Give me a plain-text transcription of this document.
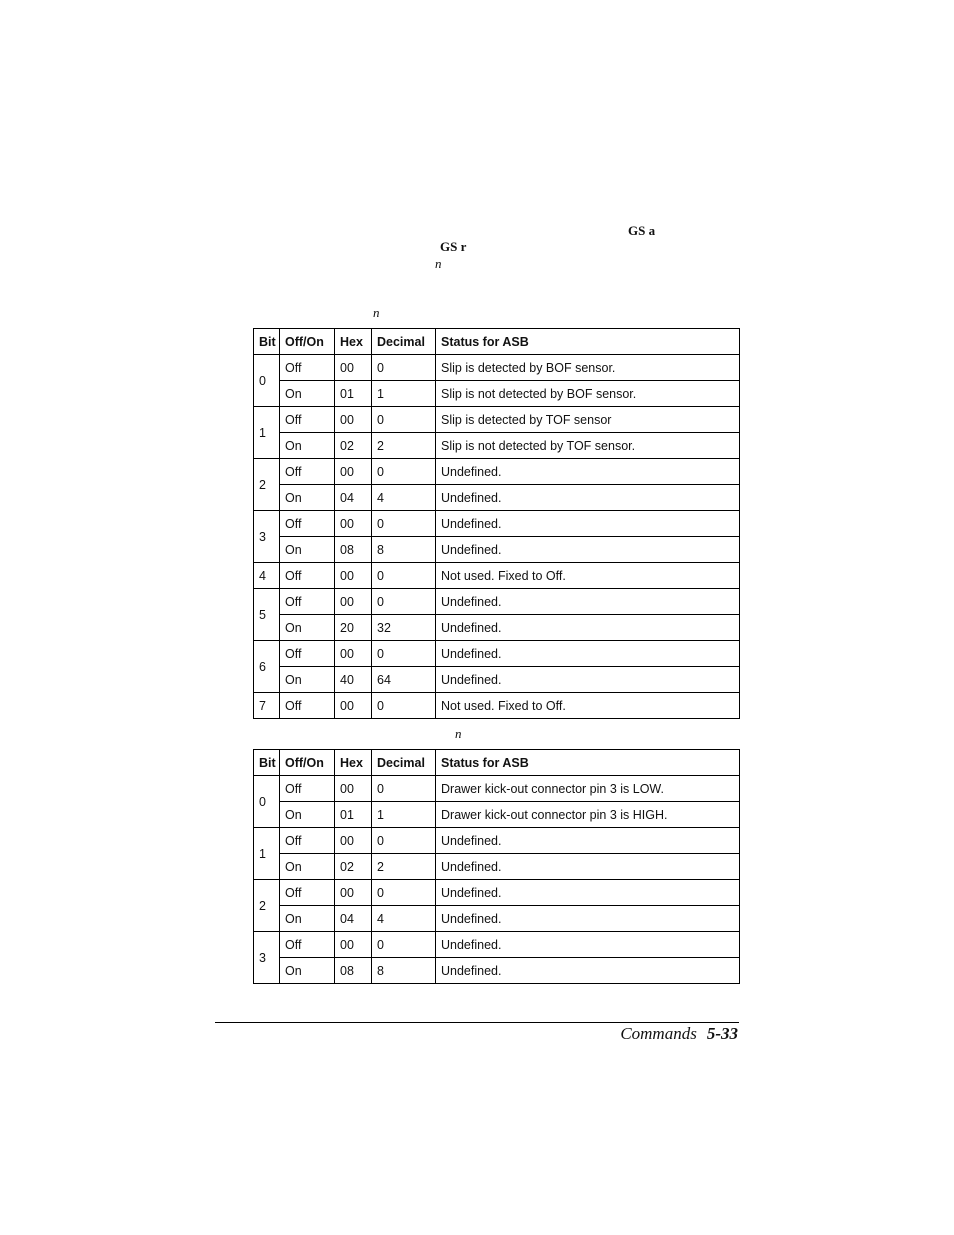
GS a
GS r
n
n
Bit	Off/On	Hex	Decimal	Status for ASB
0	Off	00	0	Slip is detected by BOF sensor.
	On	01	1	Slip is not detected by BOF sensor.
1	Off	00	0	Slip is detected by TOF sensor
	On	02	2	Slip is not detected by TOF sensor.
2	Off	00	0	Undefined.
	On	04	4	Undefined.
3	Off	00	0	Undefined.
	On	08	8	Undefined.
4	Off	00	0	Not used. Fixed to Off.
5	Off	00	0	Undefined.
	On	20	32	Undefined.
6	Off	00	0	Undefined.
	On	40	64	Undefined.
7	Off	00	0	Not used. Fixed to Off.
n
Bit	Off/On	Hex	Decimal	Status for ASB
0	Off	00	0	Drawer kick-out connector pin 3 is LOW.
	On	01	1	Drawer kick-out connector pin 3 is HIGH.
1	Off	00	0	Undefined.
	On	02	2	Undefined.
2	Off	00	0	Undefined.
	On	04	4	Undefined.
3	Off	00	0	Undefined.
	On	08	8	Undefined.
Commands 5-33
